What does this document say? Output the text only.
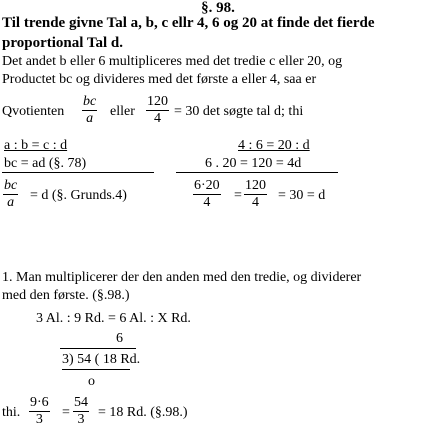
§. 98.
Til trende givne Tal a, b, c ellr 4, 6 og 20 at finde det fierde
proportional Tal d.
Det andet b eller 6 multipliceres med det tredie c eller 20, og
Productet bc og divideres med det første a eller 4, saa er
Qvotienten $\frac{bc}{a}$ eller $\frac{120}{4} = 30$ det søgte tal d; thi
a : b = c : d
bc = ad (§. 78)
$\frac{bc}{a} = d$ (§. Grunds.4)
4 : 6 = 20 : d
6 . 20 = 120 = 4d
$\frac{6\cdot 20}{4} = \frac{120}{4} = 30 = d$
1. Man multiplicerer der den anden med den tredie, og dividerer
med den første. (§.98.)
3 Al. : 9 Rd. = 6 Al. : X Rd.
6
3) 54 ( 18 Rd.
o
thi. $\frac{9\cdot 6}{3} = \frac{54}{3} = 18$ Rd. (§.98.)
